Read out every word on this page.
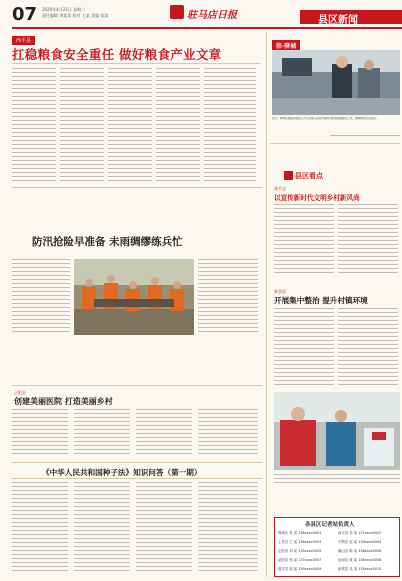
07 2020年4月21日 星期二
责任编辑 李某某 校对 王某 美编 张某	驻马店日报	县区新闻
西平县
扛稳粮食安全重任 做好粮食产业文章
驻·驿城
近日，驿城区胡庙乡组织工作人员深入各村开展防汛隐患排查整治工作，确保群众安全度汛。
县区看点
遂平县
以宣传新时代文明乡村新风尚
新蔡县
开展集中整治 提升村镇环境
防汛抢险早准备 未雨绸缪练兵忙
正阳县
创建美丽医院 打造美丽乡村
《中华人民共和国种子法》知识问答（第一期）
各县区记者站负责人
驿城区 张 某 136xxxx0001	西平县 李 某 137xxxx0002
上蔡县 王 某 138xxxx0003	平舆县 赵 某 139xxxx0004
正阳县 刘 某 135xxxx0005	确山县 陈 某 136xxxx0006
泌阳县 杨 某 137xxxx0007	汝南县 黄 某 138xxxx0008
遂平县 周 某 139xxxx0009	新蔡县 吴 某 135xxxx0010
